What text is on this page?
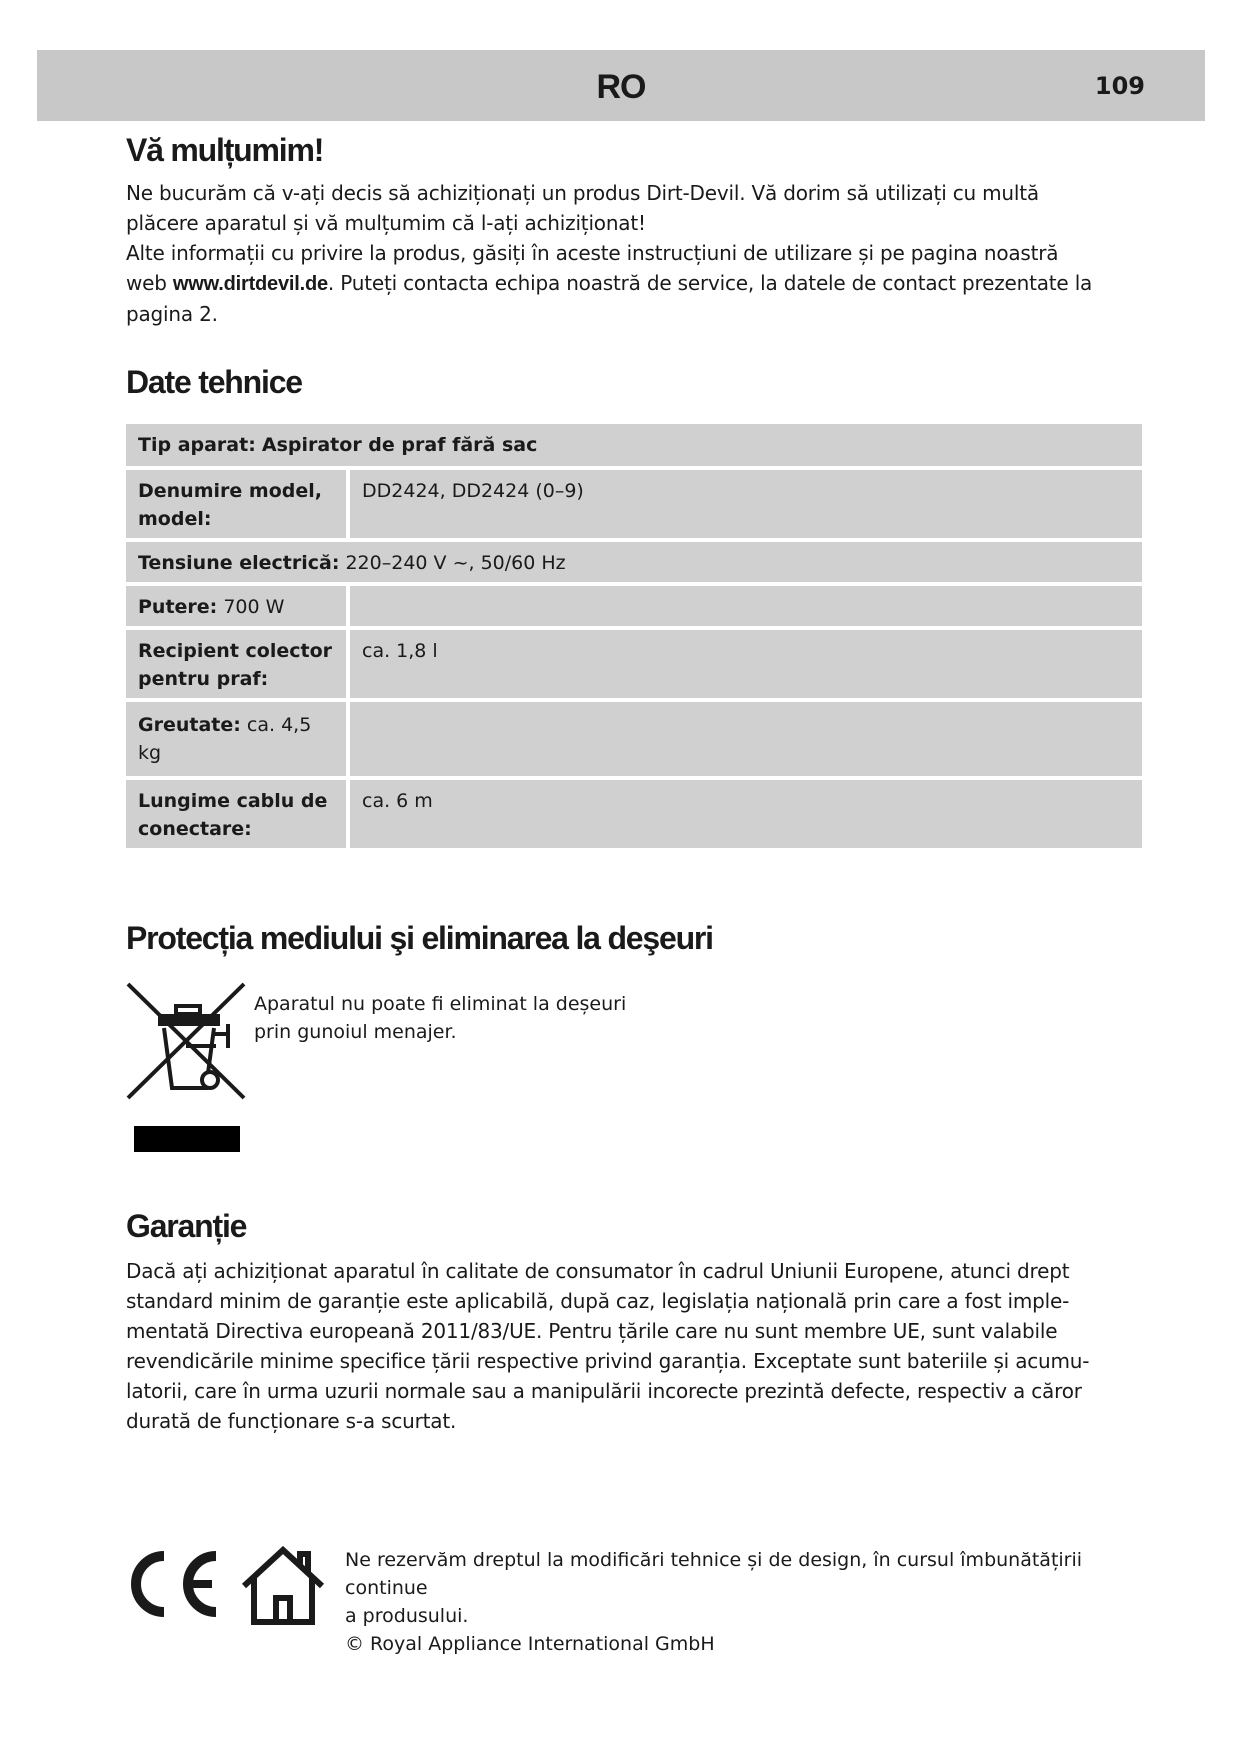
RO	109
Vă mulțumim!
Ne bucurăm că v-ați decis să achiziționați un produs Dirt-Devil. Vă dorim să utilizați cu multă
plăcere aparatul și vă mulțumim că l-ați achiziționat!
Alte informații cu privire la produs, găsiți în aceste instrucțiuni de utilizare și pe pagina noastră
web www.dirtdevil.de. Puteți contacta echipa noastră de service, la datele de contact prezentate la
pagina 2.
Date tehnice
Tip aparat: Aspirator de praf fără sac	
Denumire model, model:	DD2424, DD2424 (0–9)
Tensiune electrică: 220–240 V ~, 50/60 Hz	
Putere: 700 W	
Recipient colector pentru praf:	ca. 1,8 l
Greutate: ca. 4,5 kg	
Lungime cablu de conectare:	ca. 6 m
Protecția mediului şi eliminarea la deşeuri
Aparatul nu poate fi eliminat la deșeuri
prin gunoiul menajer.
Garanție
Dacă ați achiziționat aparatul în calitate de consumator în cadrul Uniunii Europene, atunci drept
standard minim de garanție este aplicabilă, după caz, legislația națională prin care a fost imple-
mentată Directiva europeană 2011/83/UE. Pentru țările care nu sunt membre UE, sunt valabile
revendicările minime specifice țării respective privind garanția. Exceptate sunt bateriile și acumu-
latorii, care în urma uzurii normale sau a manipulării incorecte prezintă defecte, respectiv a căror
durată de funcționare s-a scurtat.
Ne rezervăm dreptul la modificări tehnice și de design, în cursul îmbunătățirii continue
a produsului.
© Royal Appliance International GmbH
